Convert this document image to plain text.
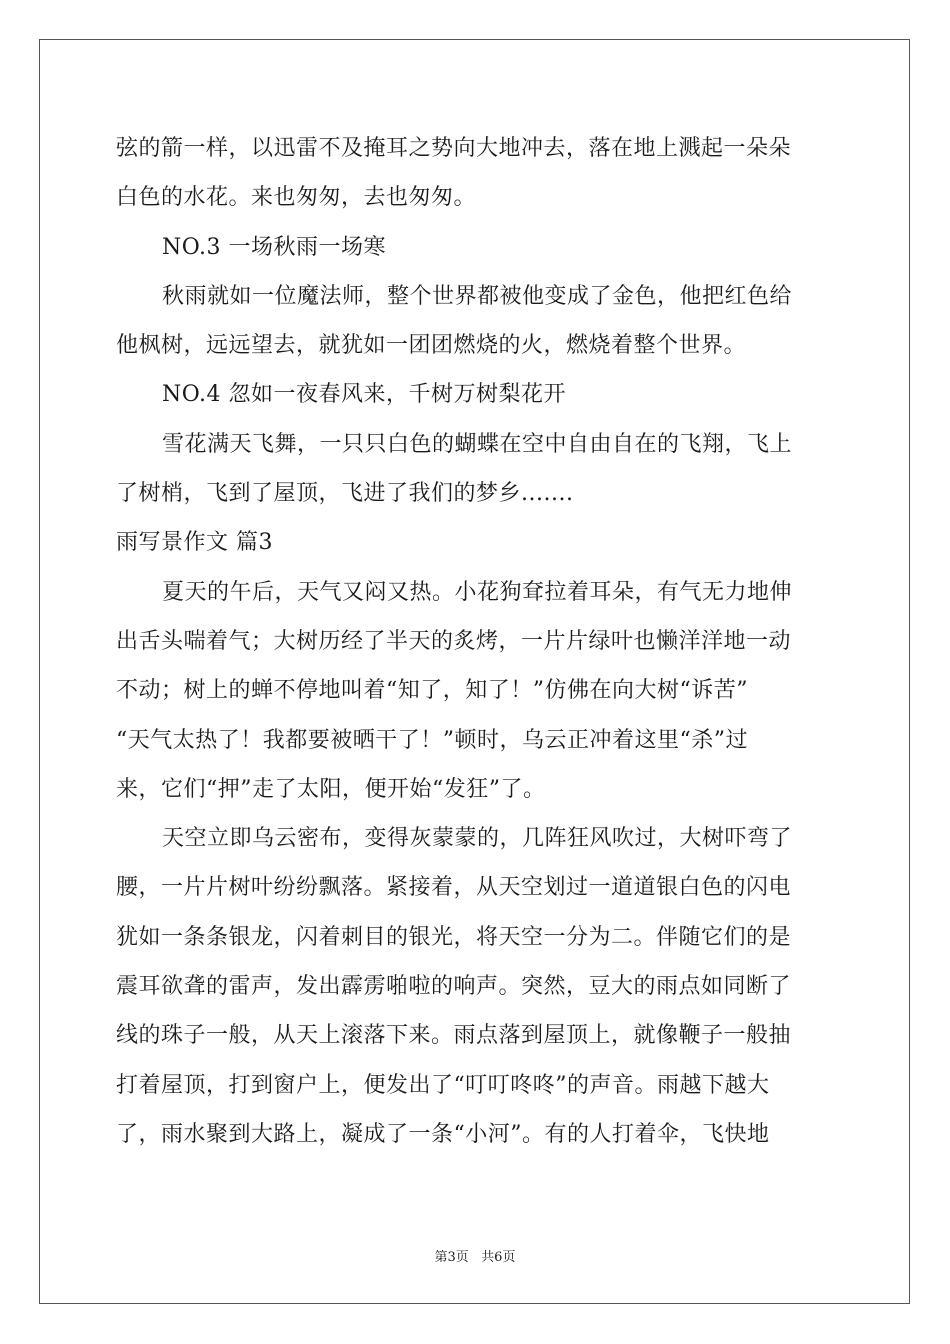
弦的箭一样，以迅雷不及掩耳之势向大地冲去，落在地上溅起一朵朵
白色的水花。来也匆匆，去也匆匆。
NO.3 一场秋雨一场寒
秋雨就如一位魔法师，整个世界都被他变成了金色，他把红色给
他枫树，远远望去，就犹如一团团燃烧的火，燃烧着整个世界。
NO.4 忽如一夜春风来，千树万树梨花开
雪花满天飞舞，一只只白色的蝴蝶在空中自由自在的飞翔，飞上
了树梢，飞到了屋顶，飞进了我们的梦乡.......
雨写景作文 篇3
夏天的午后，天气又闷又热。小花狗耷拉着耳朵，有气无力地伸
出舌头喘着气；大树历经了半天的炙烤，一片片绿叶也懒洋洋地一动
不动；树上的蝉不停地叫着“知了，知了！”仿佛在向大树“诉苦”
“天气太热了！我都要被晒干了！”顿时，乌云正冲着这里“杀”过
来，它们“押”走了太阳，便开始“发狂”了。
天空立即乌云密布，变得灰蒙蒙的，几阵狂风吹过，大树吓弯了
腰，一片片树叶纷纷飘落。紧接着，从天空划过一道道银白色的闪电
犹如一条条银龙，闪着刺目的银光，将天空一分为二。伴随它们的是
震耳欲聋的雷声，发出霹雳啪啦的响声。突然，豆大的雨点如同断了
线的珠子一般，从天上滚落下来。雨点落到屋顶上，就像鞭子一般抽
打着屋顶，打到窗户上，便发出了“叮叮咚咚”的声音。雨越下越大
了，雨水聚到大路上，凝成了一条“小河”。有的人打着伞，飞快地
第3页   共6页
